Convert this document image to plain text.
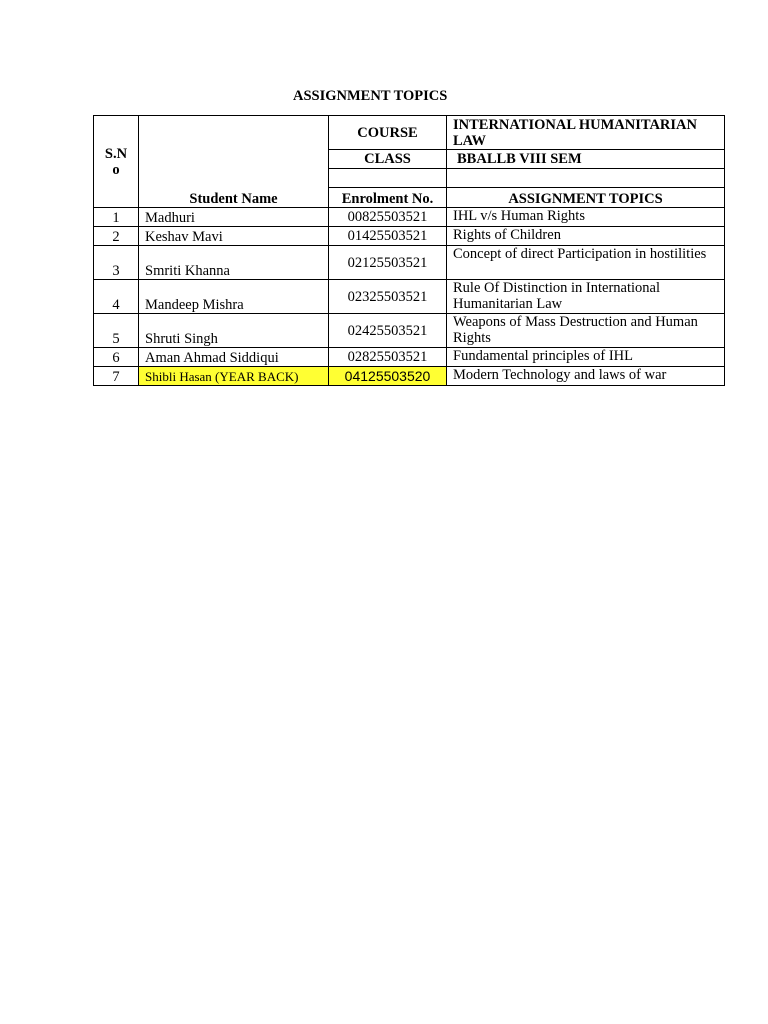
ASSIGNMENT TOPICS
S.N o	Student Name	COURSE	INTERNATIONAL HUMANITARIAN LAW
		CLASS	BBALLB VIII SEM

		Enrolment No.	ASSIGNMENT TOPICS
1	Madhuri	00825503521	IHL v/s Human Rights
2	Keshav Mavi	01425503521	Rights of Children
3	Smriti Khanna	02125503521	Concept of direct Participation in hostilities
4	Mandeep Mishra	02325503521	Rule Of Distinction in International Humanitarian Law
5	Shruti Singh	02425503521	Weapons of Mass Destruction and Human Rights
6	Aman Ahmad Siddiqui	02825503521	Fundamental principles of IHL
7	Shibli Hasan (YEAR BACK)	04125503520	Modern Technology and laws of war
